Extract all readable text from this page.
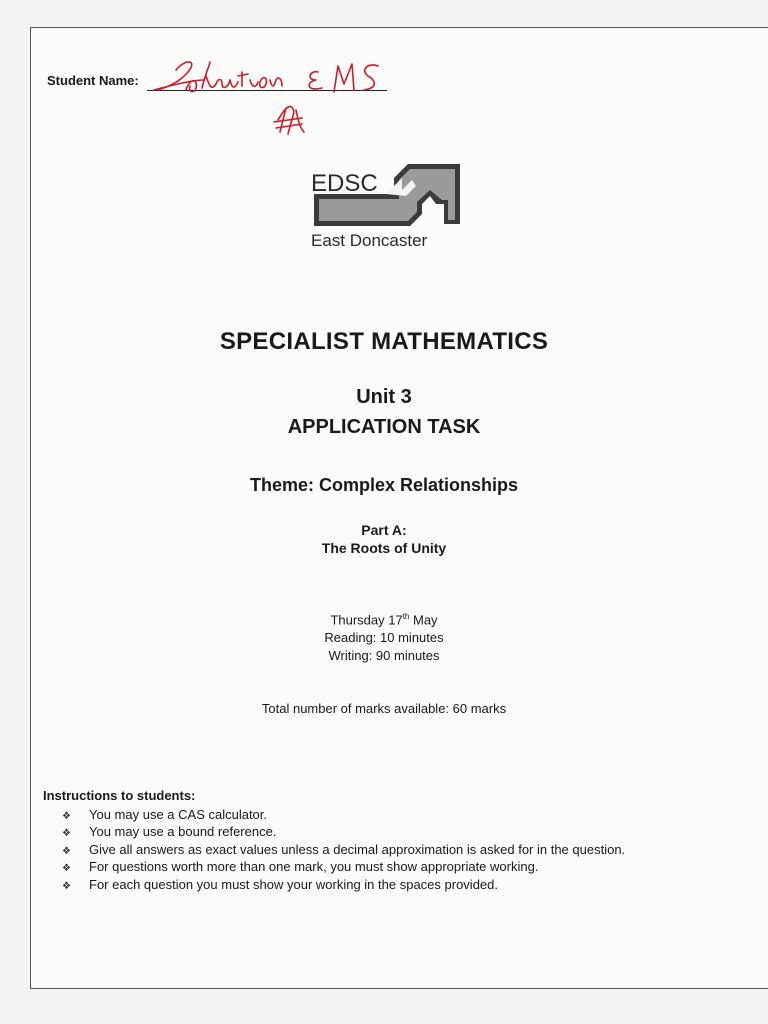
Student Name:
EDSC
East Doncaster
SPECIALIST MATHEMATICS
Unit 3
APPLICATION TASK
Theme: Complex Relationships
Part A:
The Roots of Unity
Thursday 17th May
Reading: 10 minutes
Writing: 90 minutes
Total number of marks available: 60 marks
Instructions to students:
❖ You may use a CAS calculator.
❖ You may use a bound reference.
❖ Give all answers as exact values unless a decimal approximation is asked for in the question.
❖ For questions worth more than one mark, you must show appropriate working.
❖ For each question you must show your working in the spaces provided.
